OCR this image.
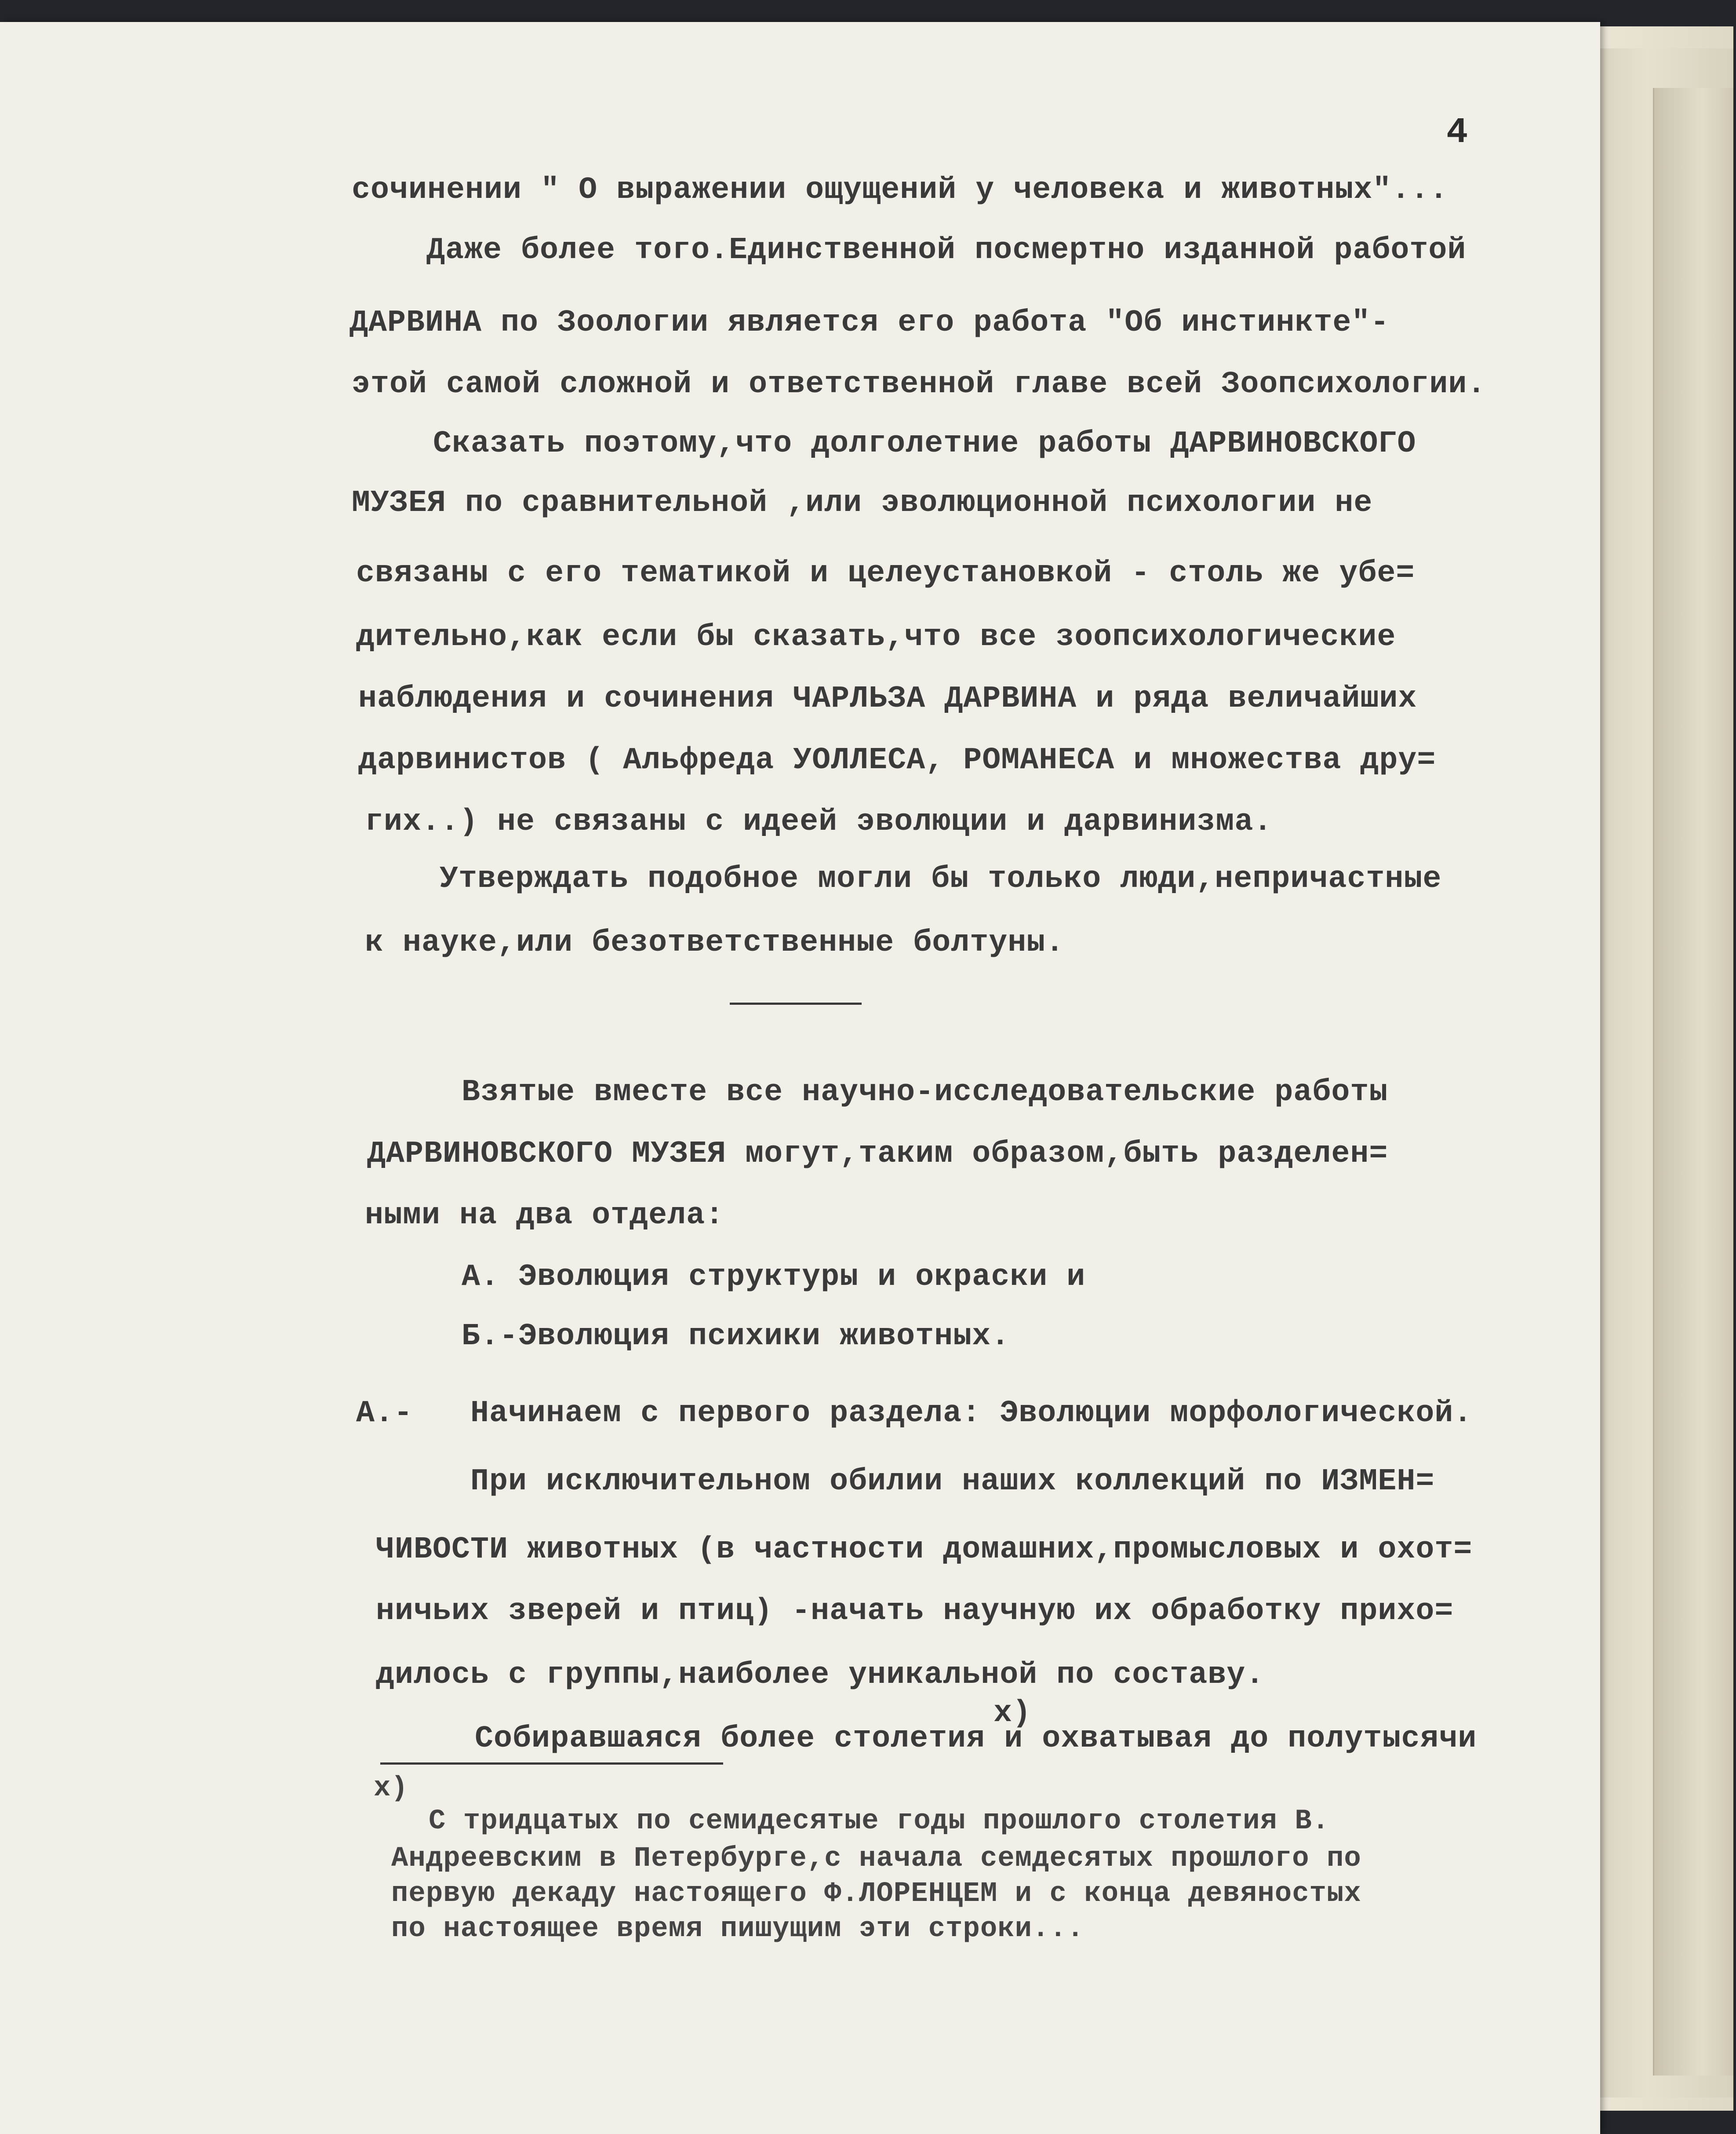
4
сочинении " О выражении ощущений у человека и животных"...
Даже более того.Единственной посмертно изданной работой
ДАРВИНА по Зоологии является его работа "Об инстинкте"-
этой самой сложной и ответственной главе всей Зоопсихологии.
Сказать поэтому,что долголетние работы ДАРВИНОВСКОГО
МУЗЕЯ по сравнительной ,или эволюционной психологии не
связаны с его тематикой и целеустановкой - столь же убе=
дительно,как если бы сказать,что все зоопсихологические
наблюдения и сочинения ЧАРЛЬЗА ДАРВИНА и ряда величайших
дарвинистов ( Альфреда УОЛЛЕСА, РОМАНЕСА и множества дру=
гих..) не связаны с идеей эволюции и дарвинизма.
Утверждать подобное могли бы только люди,непричастные
к науке,или безответственные болтуны.
Взятые вместе все научно-исследовательские работы
ДАРВИНОВСКОГО МУЗЕЯ могут,таким образом,быть разделен=
ными на два отдела:
А. Эволюция структуры и окраски и
Б.-Эволюция психики животных.
А.- Начинаем с первого раздела: Эволюции морфологической.
При исключительном обилии наших коллекций по ИЗМЕН=
ЧИВОСТИ животных (в частности домашних,промысловых и охот=
ничьих зверей и птиц) -начать научную их обработку прихо=
дилось с группы,наиболее уникальной по составу.
х)
Собиравшаяся более столетия и охватывая до полутысячи
х)
С тридцатых по семидесятые годы прошлого столетия В.
Андреевским в Петербурге,с начала семдесятых прошлого по
первую декаду настоящего Ф.ЛОРЕНЦЕМ и с конца девяностых
по настоящее время пишущим эти строки...
